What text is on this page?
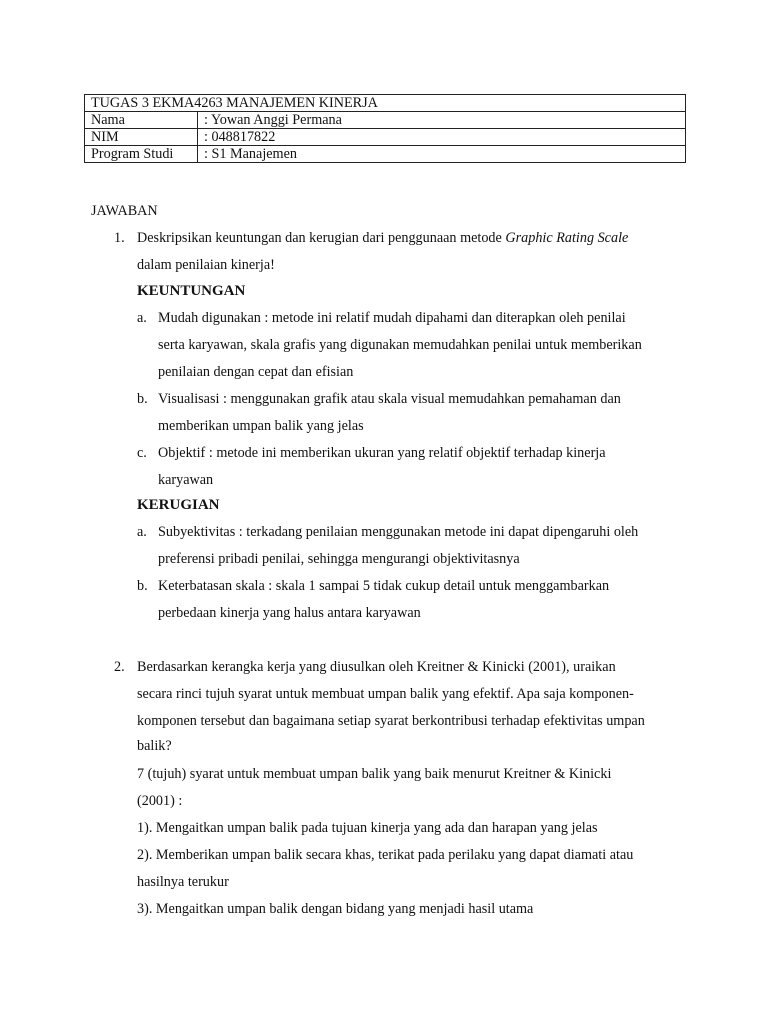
TUGAS 3 EKMA4263 MANAJEMEN KINERJA	
Nama	: Yowan Anggi Permana
NIM	: 048817822
Program Studi	: S1 Manajemen
JAWABAN
1. Deskripsikan keuntungan dan kerugian dari penggunaan metode Graphic Rating Scale
dalam penilaian kinerja!
KEUNTUNGAN
a. Mudah digunakan : metode ini relatif mudah dipahami dan diterapkan oleh penilai
serta karyawan, skala grafis yang digunakan memudahkan penilai untuk memberikan
penilaian dengan cepat dan efisian
b. Visualisasi : menggunakan grafik atau skala visual memudahkan pemahaman dan
memberikan umpan balik yang jelas
c. Objektif : metode ini memberikan ukuran yang relatif objektif terhadap kinerja
karyawan
KERUGIAN
a. Subyektivitas : terkadang penilaian menggunakan metode ini dapat dipengaruhi oleh
preferensi pribadi penilai, sehingga mengurangi objektivitasnya
b. Keterbatasan skala : skala 1 sampai 5 tidak cukup detail untuk menggambarkan
perbedaan kinerja yang halus antara karyawan
2. Berdasarkan kerangka kerja yang diusulkan oleh Kreitner & Kinicki (2001), uraikan
secara rinci tujuh syarat untuk membuat umpan balik yang efektif. Apa saja komponen-
komponen tersebut dan bagaimana setiap syarat berkontribusi terhadap efektivitas umpan
balik?
7 (tujuh) syarat untuk membuat umpan balik yang baik menurut Kreitner & Kinicki
(2001) :
1). Mengaitkan umpan balik pada tujuan kinerja yang ada dan harapan yang jelas
2). Memberikan umpan balik secara khas, terikat pada perilaku yang dapat diamati atau
hasilnya terukur
3). Mengaitkan umpan balik dengan bidang yang menjadi hasil utama
